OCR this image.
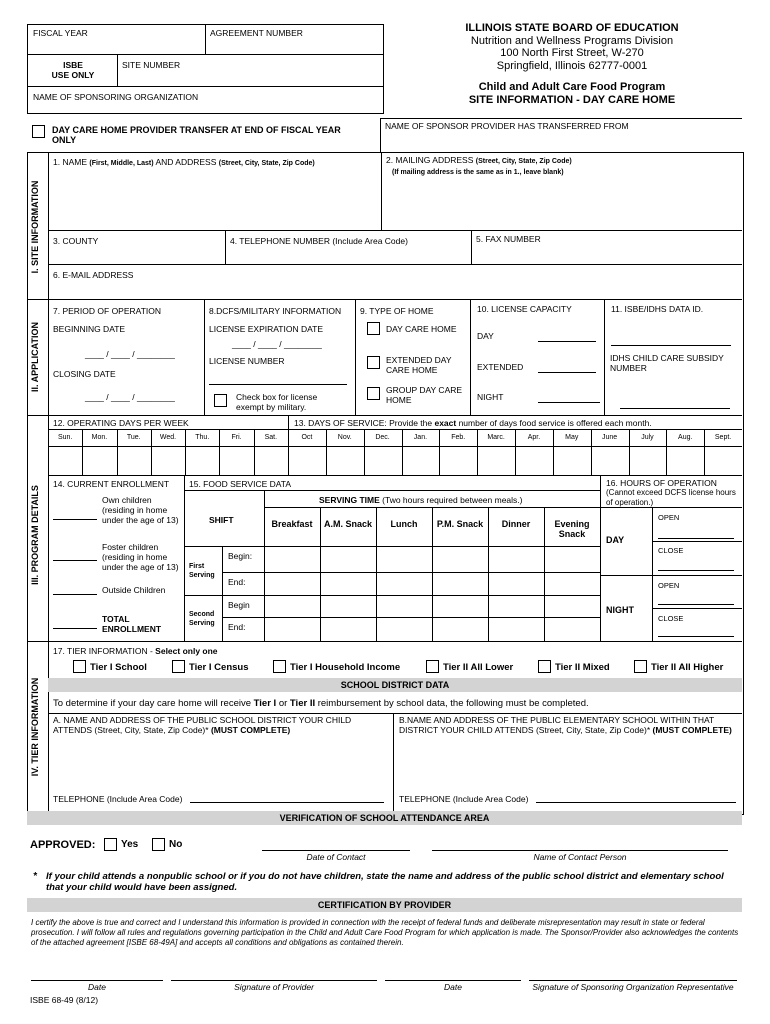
FISCAL YEAR	AGREEMENT NUMBER
ISBE
USE ONLY
SITE NUMBER
NAME OF SPONSORING ORGANIZATION
ILLINOIS STATE BOARD OF EDUCATION
Nutrition and Wellness Programs Division
100 North First Street, W-270
Springfield, Illinois 62777-0001
Child and Adult Care Food Program
SITE INFORMATION - DAY CARE HOME
DAY CARE HOME PROVIDER TRANSFER AT END OF FISCAL YEAR ONLY
NAME OF SPONSOR PROVIDER HAS TRANSFERRED FROM
I. SITE INFORMATION
1. NAME (First, Middle, Last) AND ADDRESS (Street, City, State, Zip Code)	2. MAILING ADDRESS (Street, City, State, Zip Code)
(If mailing address is the same as in 1., leave blank)
3. COUNTY	4. TELEPHONE NUMBER (Include Area Code)	5. FAX NUMBER
6. E-MAIL ADDRESS
II. APPLICATION
7. PERIOD OF OPERATION
BEGINNING DATE
____ / ____ / ________
CLOSING DATE
____ / ____ / ________
8.DCFS/MILITARY INFORMATION
LICENSE EXPIRATION DATE
____ / ____ / ________
LICENSE NUMBER
Check box for license exempt by military.
9. TYPE OF HOME
DAY CARE HOME
EXTENDED DAY CARE HOME
GROUP DAY CARE HOME
10. LICENSE CAPACITY
DAY
EXTENDED
NIGHT
11. ISBE/IDHS DATA ID.
IDHS CHILD CARE SUBSIDY NUMBER
III. PROGRAM DETAILS
12. OPERATING DAYS PER WEEK	13. DAYS OF SERVICE: Provide the exact number of days food service is offered each month.
Sun.	Mon.	Tue.	Wed.	Thu.	Fri.	Sat.	Oct	Nov.	Dec.	Jan.	Feb.	Marc.	Apr.	May	June	July	Aug.	Sept.
14. CURRENT ENROLLMENT
Own children (residing in home under the age of 13)
Foster children (residing in home under the age of 13)
Outside Children
TOTAL ENROLLMENT
15. FOOD SERVICE DATA
SERVING TIME (Two hours required between meals.)
SHIFT	Breakfast	A.M. Snack	Lunch	P.M. Snack	Dinner	Evening Snack
First Serving
Begin:
End:
Second Serving
Begin
End:
16. HOURS OF OPERATION
(Cannot exceed DCFS license hours of operation.)
DAY
OPEN
CLOSE
NIGHT
OPEN
CLOSE
IV. TIER INFORMATION
17. TIER INFORMATION - Select only one
Tier I School	Tier I Census	Tier I Household Income	Tier II All Lower	Tier II Mixed	Tier II All Higher
SCHOOL DISTRICT DATA
To determine if your day care home will receive Tier I or Tier II reimbursement by school data, the following must be completed.
A. NAME AND ADDRESS OF THE PUBLIC SCHOOL DISTRICT YOUR CHILD ATTENDS (Street, City, State, Zip Code)* (MUST COMPLETE)
B.NAME AND ADDRESS OF THE PUBLIC ELEMENTARY SCHOOL WITHIN THAT DISTRICT YOUR CHILD ATTENDS (Street, City, State, Zip Code)* (MUST COMPLETE)
TELEPHONE (Include Area Code)	TELEPHONE (Include Area Code)
VERIFICATION OF SCHOOL ATTENDANCE AREA
APPROVED:	Yes	No
Date of Contact	Name of Contact Person
* If your child attends a nonpublic school or if you do not have children, state the name and address of the public school district and elementary school that your child would have been assigned.
CERTIFICATION BY PROVIDER
I certify the above is true and correct and I understand this information is provided in connection with the receipt of federal funds and deliberate misrepresentation may result in state or federal prosecution. I will follow all rules and regulations governing participation in the Child and Adult Care Food Program for which application is made. The Sponsor/Provider also acknowledges the contents of the attached agreement [ISBE 68-49A] and accepts all conditions and obligations as contained therein.
Date	Signature of Provider	Date	Signature of Sponsoring Organization Representative
ISBE 68-49 (8/12)
